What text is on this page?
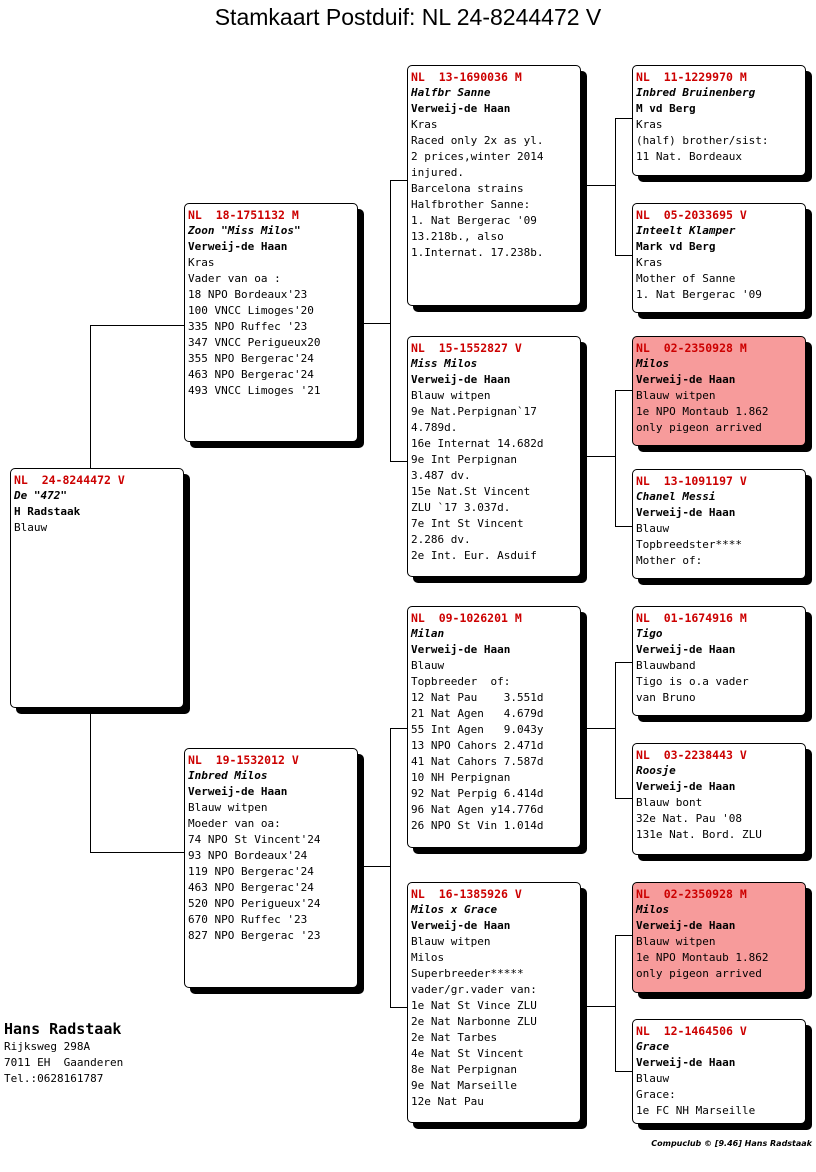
Stamkaart Postduif: NL 24-8244472 V
NL  24-8244472 V
De "472"
H Radstaak
Blauw
NL  18-1751132 M
Zoon "Miss Milos"
Verweij-de Haan
Kras
Vader van oa :
18 NPO Bordeaux'23
100 VNCC Limoges'20
335 NPO Ruffec '23
347 VNCC Perigueux20
355 NPO Bergerac'24
463 NPO Bergerac'24
493 VNCC Limoges '21
NL  19-1532012 V
Inbred Milos
Verweij-de Haan
Blauw witpen
Moeder van oa:
74 NPO St Vincent'24
93 NPO Bordeaux'24
119 NPO Bergerac'24
463 NPO Bergerac'24
520 NPO Perigueux'24
670 NPO Ruffec '23
827 NPO Bergerac '23
NL  13-1690036 M
Halfbr Sanne
Verweij-de Haan
Kras
Raced only 2x as yl.
2 prices,winter 2014
injured.
Barcelona strains
Halfbrother Sanne:
1. Nat Bergerac '09
13.218b., also
1.Internat. 17.238b.
NL  15-1552827 V
Miss Milos
Verweij-de Haan
Blauw witpen
9e Nat.Perpignan`17
4.789d.
16e Internat 14.682d
9e Int Perpignan
3.487 dv.
15e Nat.St Vincent
ZLU `17 3.037d.
7e Int St Vincent
2.286 dv.
2e Int. Eur. Asduif
NL  09-1026201 M
Milan
Verweij-de Haan
Blauw
Topbreeder  of:
12 Nat Pau    3.551d
21 Nat Agen   4.679d
55 Int Agen   9.043y
13 NPO Cahors 2.471d
41 Nat Cahors 7.587d
10 NH Perpignan
92 Nat Perpig 6.414d
96 Nat Agen y14.776d
26 NPO St Vin 1.014d
NL  16-1385926 V
Milos x Grace
Verweij-de Haan
Blauw witpen
Milos
Superbreeder*****
vader/gr.vader van:
1e Nat St Vince ZLU
2e Nat Narbonne ZLU
2e Nat Tarbes
4e Nat St Vincent
8e Nat Perpignan
9e Nat Marseille
12e Nat Pau
NL  11-1229970 M
Inbred Bruinenberg
M vd Berg
Kras
(half) brother/sist:
11 Nat. Bordeaux
NL  05-2033695 V
Inteelt Klamper
Mark vd Berg
Kras
Mother of Sanne
1. Nat Bergerac '09
NL  02-2350928 M
Milos
Verweij-de Haan
Blauw witpen
1e NPO Montaub 1.862
only pigeon arrived
NL  13-1091197 V
Chanel Messi
Verweij-de Haan
Blauw
Topbreedster****
Mother of:
NL  01-1674916 M
Tigo
Verweij-de Haan
Blauwband
Tigo is o.a vader
van Bruno
NL  03-2238443 V
Roosje
Verweij-de Haan
Blauw bont
32e Nat. Pau '08
131e Nat. Bord. ZLU
NL  02-2350928 M
Milos
Verweij-de Haan
Blauw witpen
1e NPO Montaub 1.862
only pigeon arrived
NL  12-1464506 V
Grace
Verweij-de Haan
Blauw
Grace:
1e FC NH Marseille
Hans Radstaak
Rijksweg 298A
7011 EH  Gaanderen
Tel.:0628161787
Compuclub © [9.46] Hans Radstaak
